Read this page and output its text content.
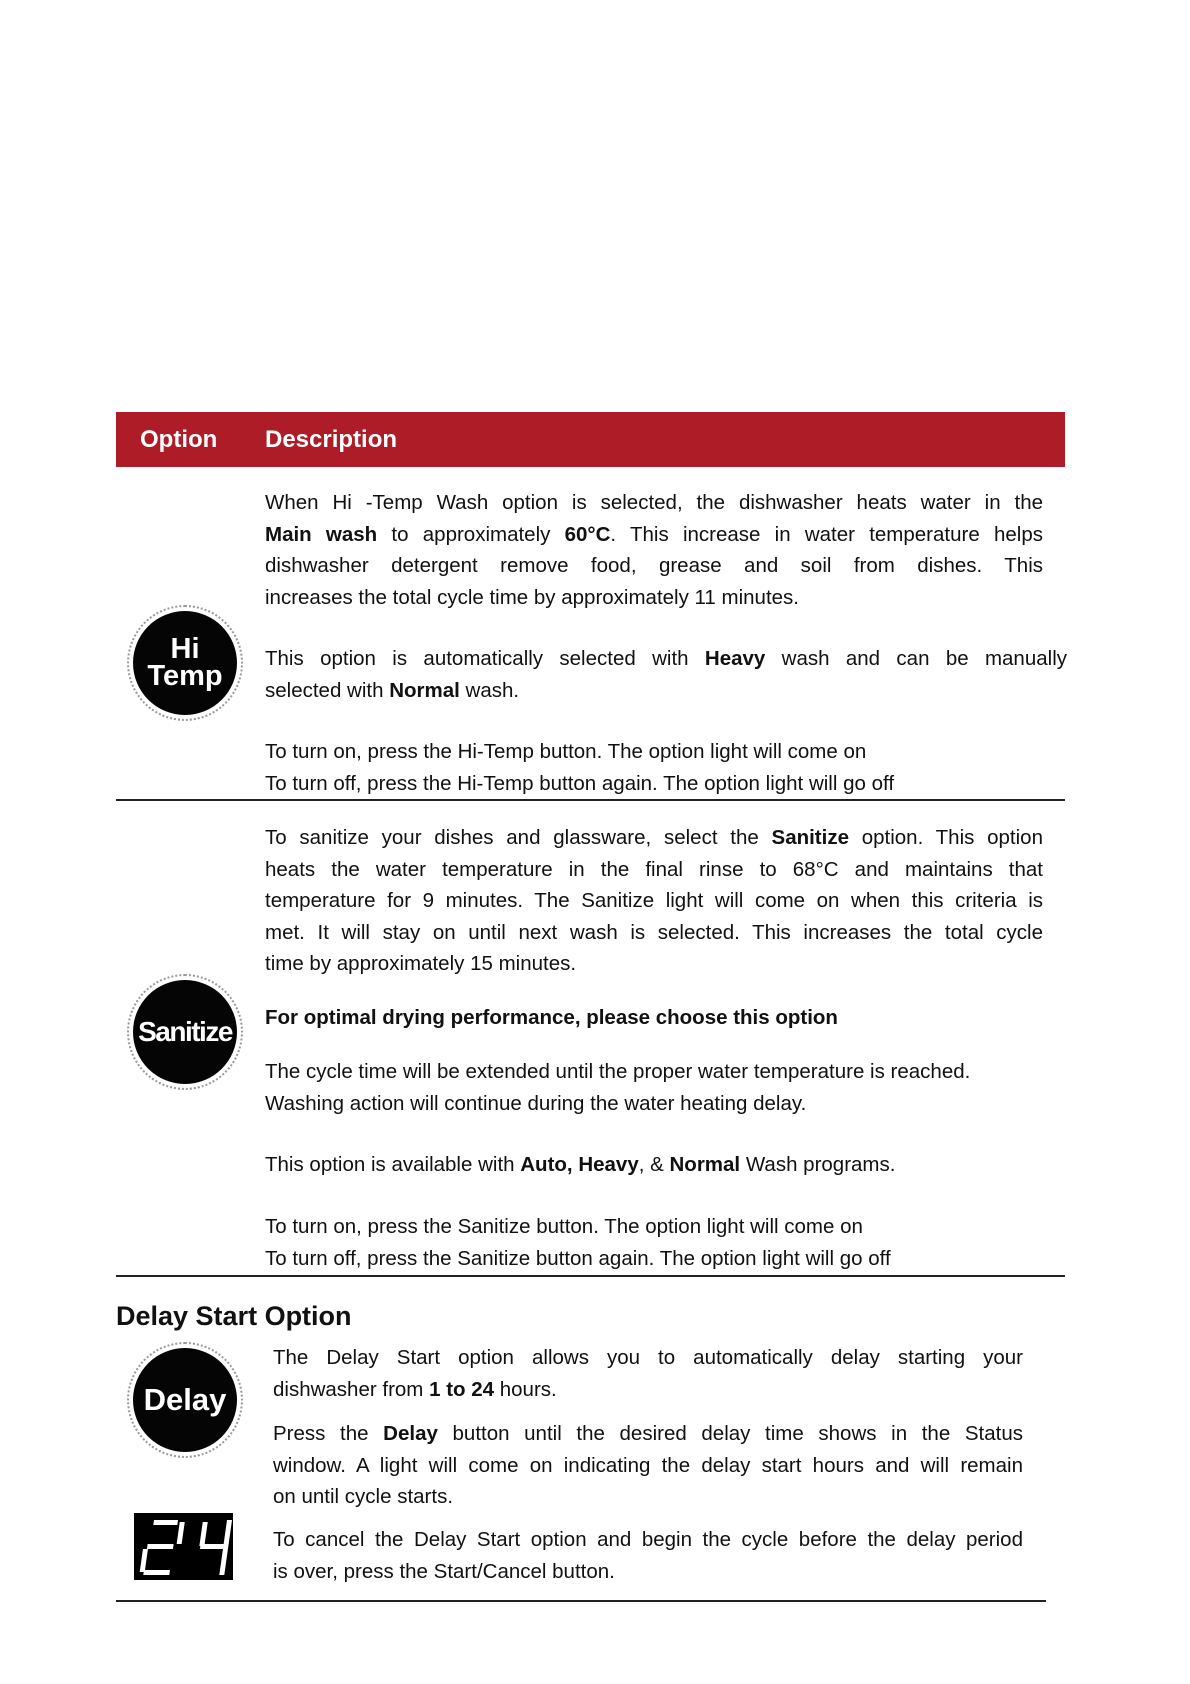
Option Description
Hi
Temp
When Hi -Temp Wash option is selected, the dishwasher heats water in the
Main wash to approximately 60°C. This increase in water temperature helps
dishwasher detergent remove food, grease and soil from dishes. This
increases the total cycle time by approximately 11 minutes.
This option is automatically selected with Heavy wash and can be manually
selected with Normal wash.
To turn on, press the Hi-Temp button. The option light will come on
To turn off, press the Hi-Temp button again. The option light will go off
Sanitize
To sanitize your dishes and glassware, select the Sanitize option. This option
heats the water temperature in the final rinse to 68°C and maintains that
temperature for 9 minutes. The Sanitize light will come on when this criteria is
met. It will stay on until next wash is selected. This increases the total cycle
time by approximately 15 minutes.
For optimal drying performance, please choose this option
The cycle time will be extended until the proper water temperature is reached.
Washing action will continue during the water heating delay.
This option is available with Auto, Heavy, & Normal Wash programs.
To turn on, press the Sanitize button. The option light will come on
To turn off, press the Sanitize button again. The option light will go off
Delay Start Option
Delay
The Delay Start option allows you to automatically delay starting your
dishwasher from 1 to 24 hours.
Press the Delay button until the desired delay time shows in the Status
window. A light will come on indicating the delay start hours and will remain
on until cycle starts.
To cancel the Delay Start option and begin the cycle before the delay period
is over, press the Start/Cancel button.
